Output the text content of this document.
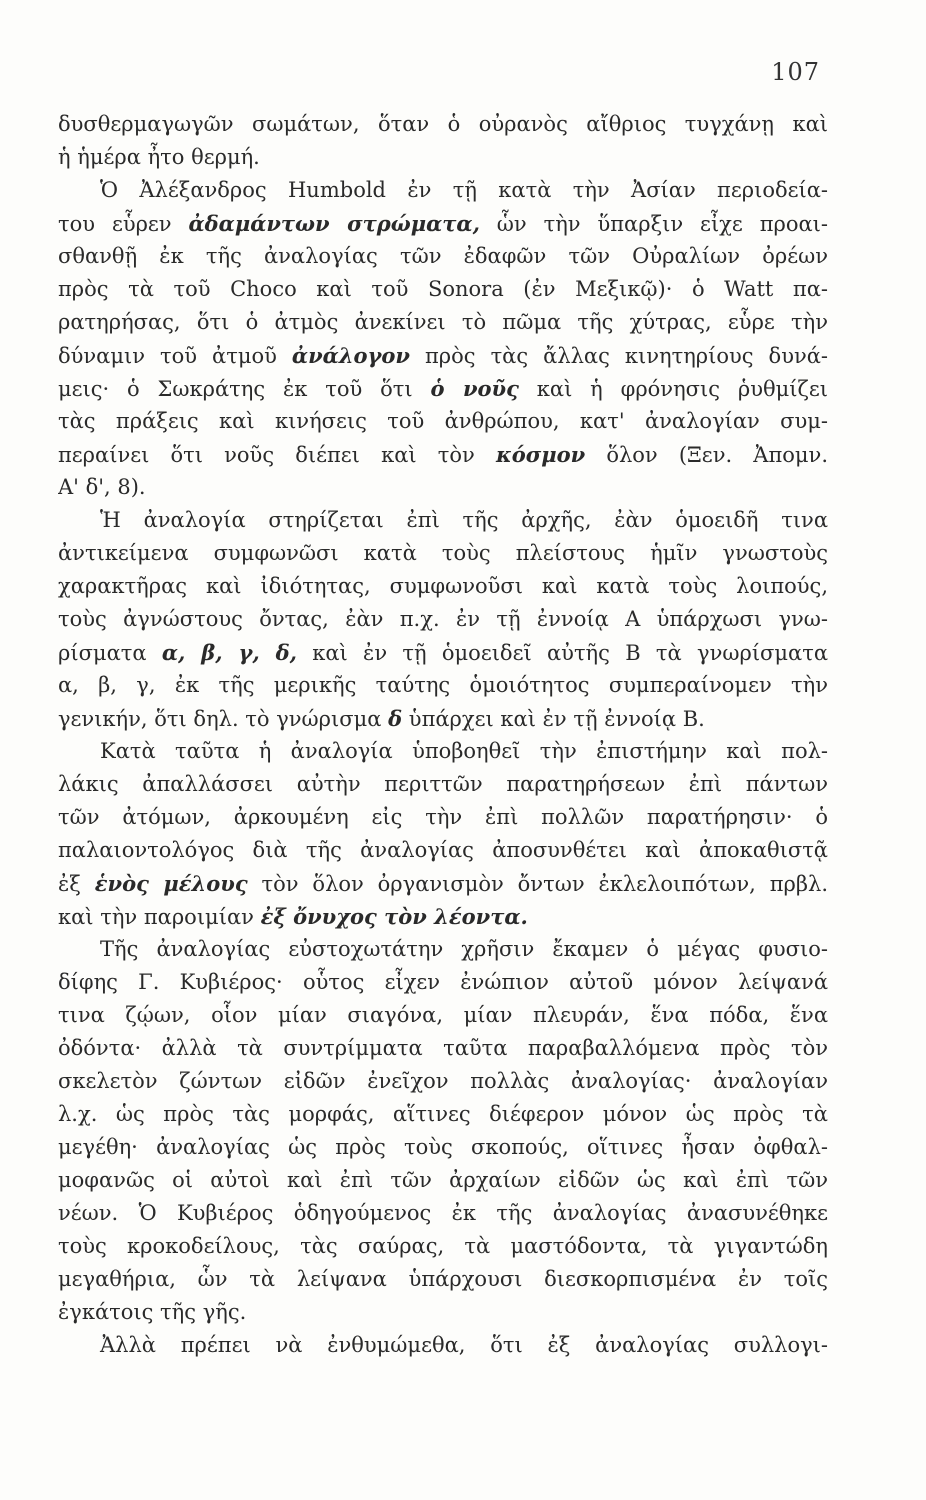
107
δυσθερμαγωγῶν σωμάτων, ὅταν ὁ οὐρανὸς αἴθριος τυγχάνῃ καὶ
ἡ ἡμέρα ἦτο θερμή.
Ὁ Ἀλέξανδρος Humbold ἐν τῇ κατὰ τὴν Ἀσίαν περιοδεία-
του εὗρεν ἀδαμάντων στρώματα, ὧν τὴν ὕπαρξιν εἶχε προαι-
σθανθῇ ἐκ τῆς ἀναλογίας τῶν ἐδαφῶν τῶν Οὐραλίων ὀρέων
πρὸς τὰ τοῦ Choco καὶ τοῦ Sonora (ἐν Μεξικῷ)· ὁ Watt πα-
ρατηρήσας, ὅτι ὁ ἀτμὸς ἀνεκίνει τὸ πῶμα τῆς χύτρας, εὗρε τὴν
δύναμιν τοῦ ἀτμοῦ ἀνάλογον πρὸς τὰς ἄλλας κινητηρίους δυνά-
μεις· ὁ Σωκράτης ἐκ τοῦ ὅτι ὁ νοῦς καὶ ἡ φρόνησις ῥυθμίζει
τὰς πράξεις καὶ κινήσεις τοῦ ἀνθρώπου, κατ' ἀναλογίαν συμ-
περαίνει ὅτι νοῦς διέπει καὶ τὸν κόσμον ὅλον (Ξεν. Ἀπομν.
Α' δ', 8).
Ἡ ἀναλογία στηρίζεται ἐπὶ τῆς ἀρχῆς, ἐὰν ὁμοειδῆ τινα
ἀντικείμενα συμφωνῶσι κατὰ τοὺς πλείστους ἡμῖν γνωστοὺς
χαρακτῆρας καὶ ἰδιότητας, συμφωνοῦσι καὶ κατὰ τοὺς λοιπούς,
τοὺς ἀγνώστους ὄντας, ἐὰν π.χ. ἐν τῇ ἐννοίᾳ Α ὑπάρχωσι γνω-
ρίσματα α, β, γ, δ, καὶ ἐν τῇ ὁμοειδεῖ αὐτῆς Β τὰ γνωρίσματα
α, β, γ, ἐκ τῆς μερικῆς ταύτης ὁμοιότητος συμπεραίνομεν τὴν
γενικήν, ὅτι δηλ. τὸ γνώρισμα δ ὑπάρχει καὶ ἐν τῇ ἐννοίᾳ Β.
Κατὰ ταῦτα ἡ ἀναλογία ὑποβοηθεῖ τὴν ἐπιστήμην καὶ πολ-
λάκις ἀπαλλάσσει αὐτὴν περιττῶν παρατηρήσεων ἐπὶ πάντων
τῶν ἀτόμων, ἀρκουμένη εἰς τὴν ἐπὶ πολλῶν παρατήρησιν· ὁ
παλαιοντολόγος διὰ τῆς ἀναλογίας ἀποσυνθέτει καὶ ἀποκαθιστᾷ
ἐξ ἑνὸς μέλους τὸν ὅλον ὀργανισμὸν ὄντων ἐκλελοιπότων, πρβλ.
καὶ τὴν παροιμίαν ἐξ ὄνυχος τὸν λέοντα.
Τῆς ἀναλογίας εὐστοχωτάτην χρῆσιν ἔκαμεν ὁ μέγας φυσιο-
δίφης Γ. Κυβιέρος· οὗτος εἶχεν ἐνώπιον αὐτοῦ μόνον λείψανά
τινα ζῴων, οἷον μίαν σιαγόνα, μίαν πλευράν, ἕνα πόδα, ἕνα
ὀδόντα· ἀλλὰ τὰ συντρίμματα ταῦτα παραβαλλόμενα πρὸς τὸν
σκελετὸν ζώντων εἰδῶν ἐνεῖχον πολλὰς ἀναλογίας· ἀναλογίαν
λ.χ. ὡς πρὸς τὰς μορφάς, αἵτινες διέφερον μόνον ὡς πρὸς τὰ
μεγέθη· ἀναλογίας ὡς πρὸς τοὺς σκοπούς, οἵτινες ἦσαν ὀφθαλ-
μοφανῶς οἱ αὐτοὶ καὶ ἐπὶ τῶν ἀρχαίων εἰδῶν ὡς καὶ ἐπὶ τῶν
νέων. Ὁ Κυβιέρος ὁδηγούμενος ἐκ τῆς ἀναλογίας ἀνασυνέθηκε
τοὺς κροκοδείλους, τὰς σαύρας, τὰ μαστόδοντα, τὰ γιγαντώδη
μεγαθήρια, ὧν τὰ λείψανα ὑπάρχουσι διεσκορπισμένα ἐν τοῖς
ἐγκάτοις τῆς γῆς.
Ἀλλὰ πρέπει νὰ ἐνθυμώμεθα, ὅτι ἐξ ἀναλογίας συλλογι-
